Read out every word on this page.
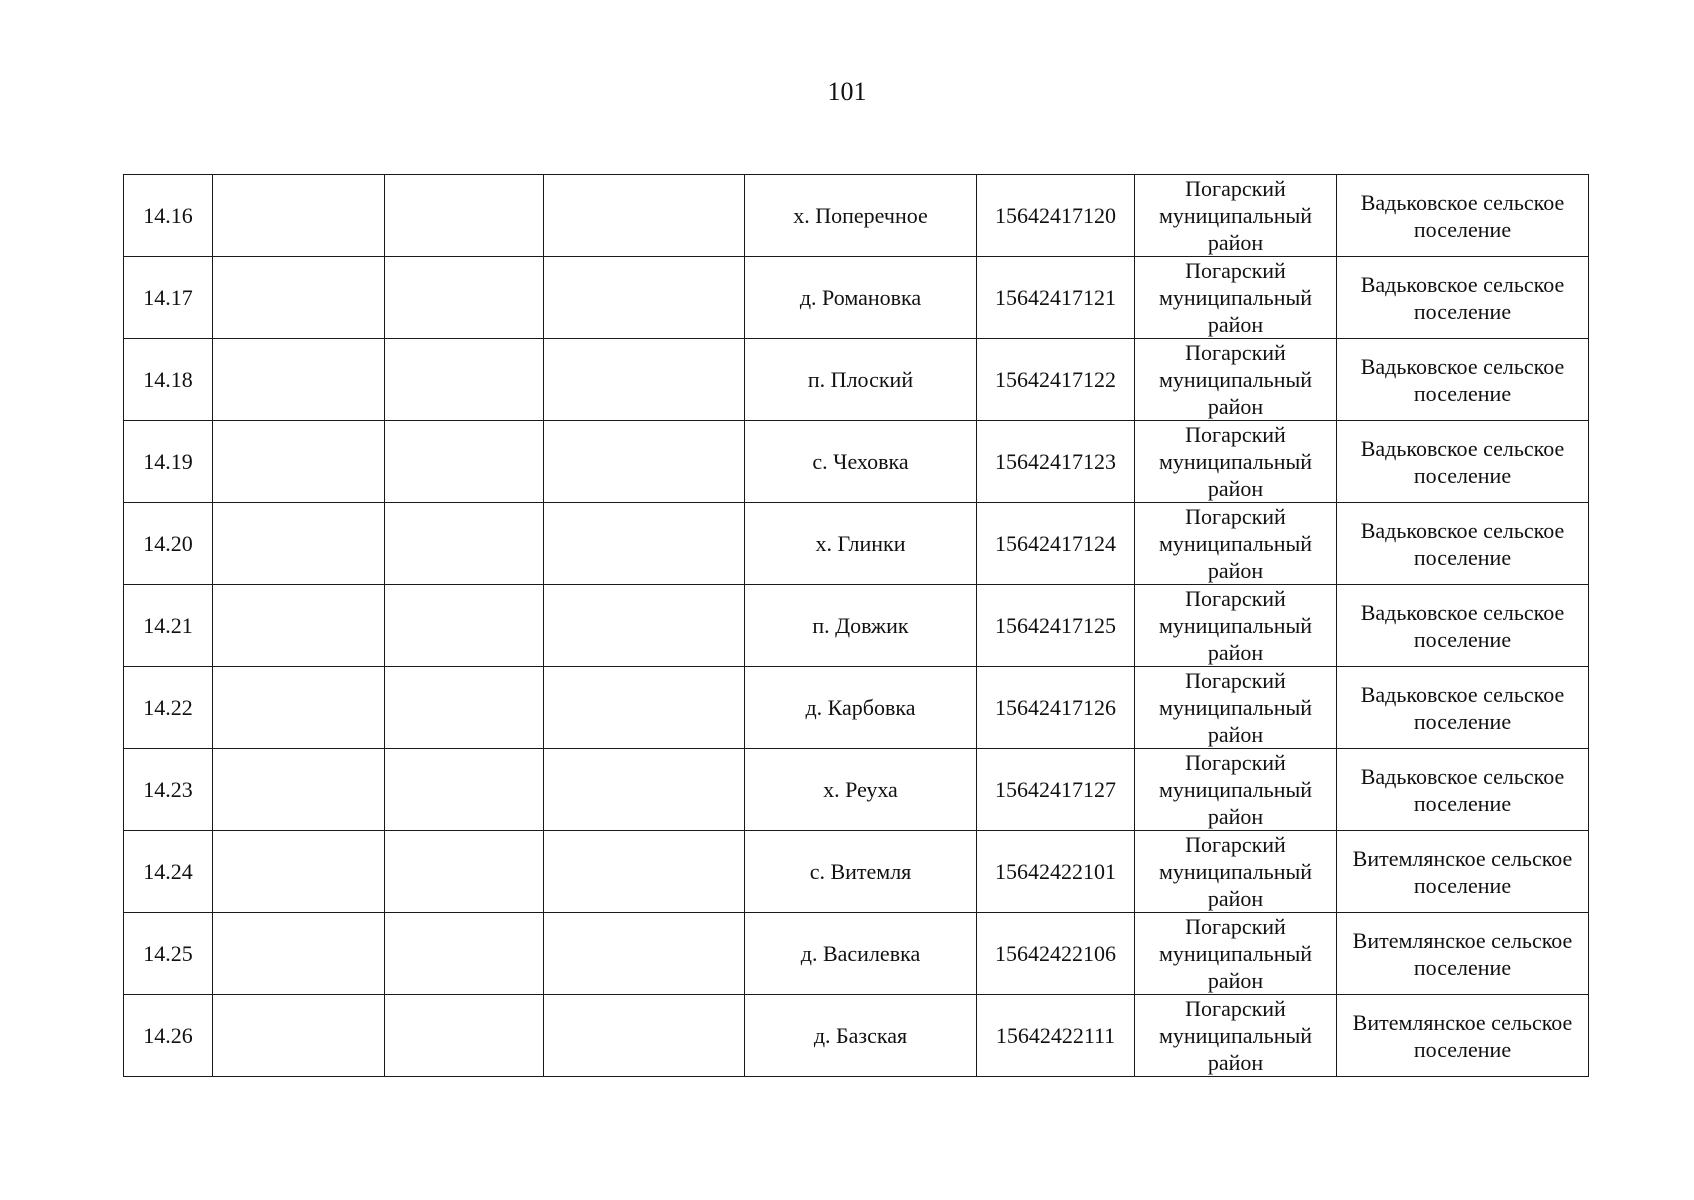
101
14.16				х. Поперечное	15642417120	Погарский муниципальный район	Вадьковское сельское поселение
14.17				д. Романовка	15642417121	Погарский муниципальный район	Вадьковское сельское поселение
14.18				п. Плоский	15642417122	Погарский муниципальный район	Вадьковское сельское поселение
14.19				с. Чеховка	15642417123	Погарский муниципальный район	Вадьковское сельское поселение
14.20				х. Глинки	15642417124	Погарский муниципальный район	Вадьковское сельское поселение
14.21				п. Довжик	15642417125	Погарский муниципальный район	Вадьковское сельское поселение
14.22				д. Карбовка	15642417126	Погарский муниципальный район	Вадьковское сельское поселение
14.23				х. Реуха	15642417127	Погарский муниципальный район	Вадьковское сельское поселение
14.24				с. Витемля	15642422101	Погарский муниципальный район	Витемлянское сельское поселение
14.25				д. Василевка	15642422106	Погарский муниципальный район	Витемлянское сельское поселение
14.26				д. Базская	15642422111	Погарский муниципальный район	Витемлянское сельское поселение
